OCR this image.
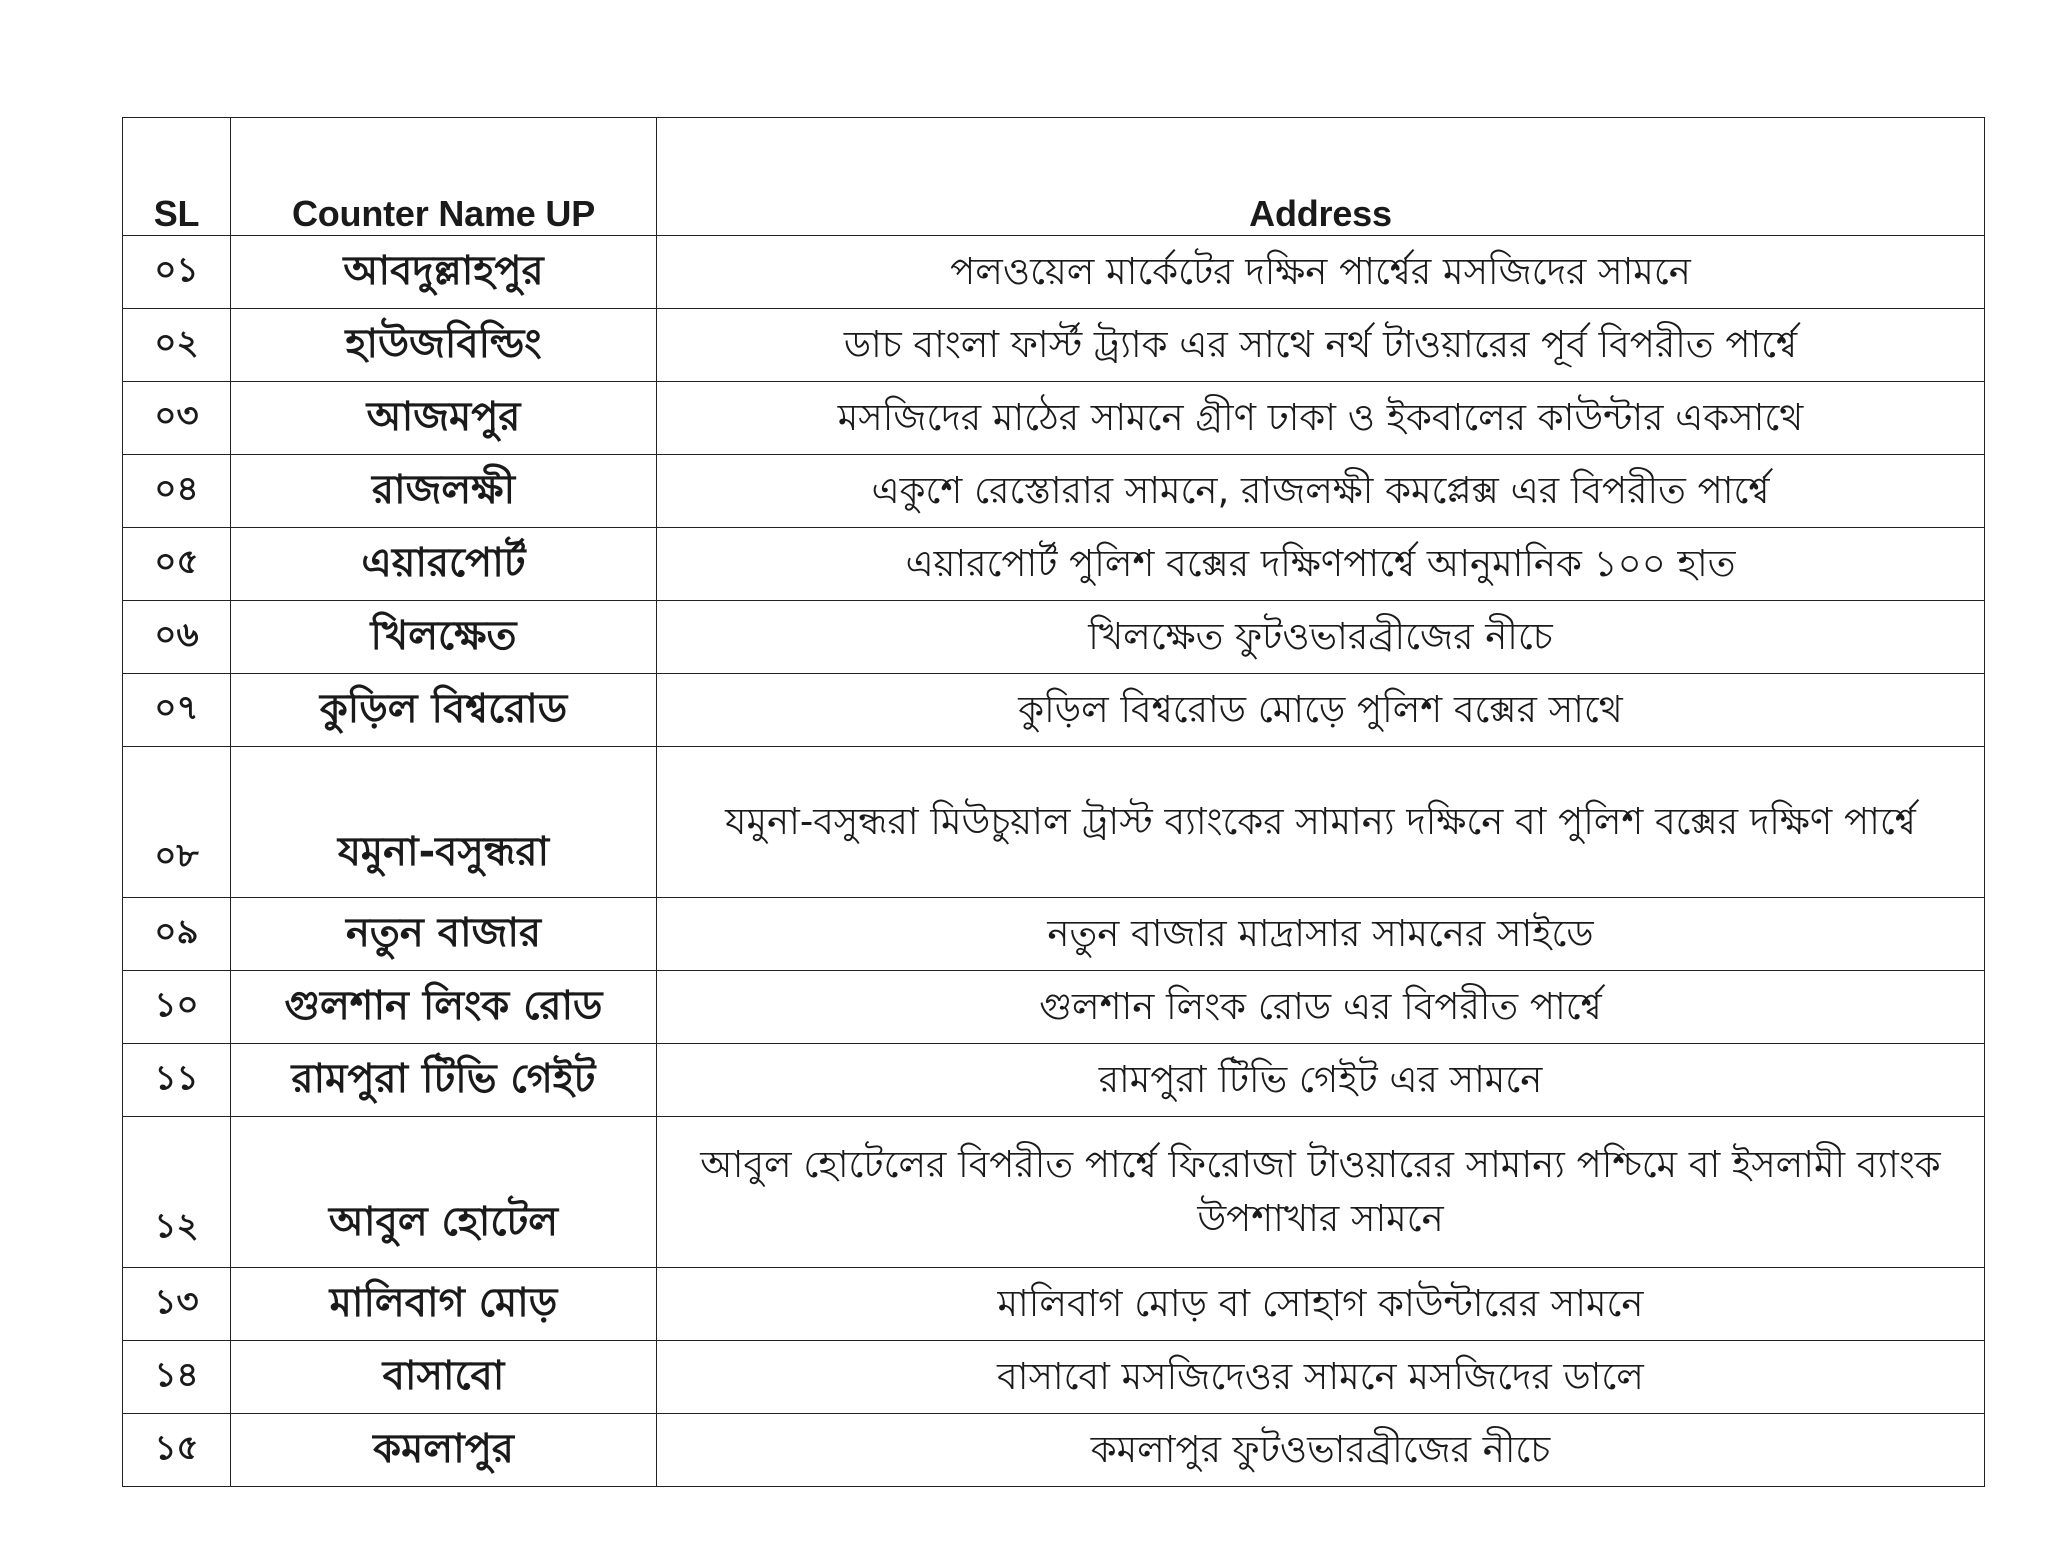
SL	Counter Name UP	Address
০১	আবদুল্লাহপুর	পলওয়েল মার্কেটের দক্ষিন পার্শ্বের মসজিদের সামনে
০২	হাউজবিল্ডিং	ডাচ বাংলা ফার্স্ট ট্র্যাক এর সাথে নর্থ টাওয়ারের পূর্ব বিপরীত পার্শ্বে
০৩	আজমপুর	মসজিদের মাঠের সামনে গ্রীণ ঢাকা ও ইকবালের কাউন্টার একসাথে
০৪	রাজলক্ষী	একুশে রেস্তোরার সামনে, রাজলক্ষী কমপ্লেক্স এর বিপরীত পার্শ্বে
০৫	এয়ারপোর্ট	এয়ারপোর্ট পুলিশ বক্সের দক্ষিণপার্শ্বে আনুমানিক ১০০ হাত
০৬	খিলক্ষেত	খিলক্ষেত ফুটওভারব্রীজের নীচে
০৭	কুড়িল বিশ্বরোড	কুড়িল বিশ্বরোড মোড়ে পুলিশ বক্সের সাথে
০৮	যমুনা-বসুন্ধরা	যমুনা-বসুন্ধরা মিউচুয়াল ট্রাস্ট ব্যাংকের সামান্য দক্ষিনে বা পুলিশ বক্সের দক্ষিণ পার্শ্বে
০৯	নতুন বাজার	নতুন বাজার মাদ্রাসার সামনের সাইডে
১০	গুলশান লিংক রোড	গুলশান লিংক রোড এর বিপরীত পার্শ্বে
১১	রামপুরা টিভি গেইট	রামপুরা টিভি গেইট এর সামনে
১২	আবুল হোটেল	আবুল হোটেলের বিপরীত পার্শ্বে ফিরোজা টাওয়ারের সামান্য পশ্চিমে বা ইসলামী ব্যাংক উপশাখার সামনে
১৩	মালিবাগ মোড়	মালিবাগ মোড় বা সোহাগ কাউন্টারের সামনে
১৪	বাসাবো	বাসাবো মসজিদেওর সামনে মসজিদের ডালে
১৫	কমলাপুর	কমলাপুর ফুটওভারব্রীজের নীচে
